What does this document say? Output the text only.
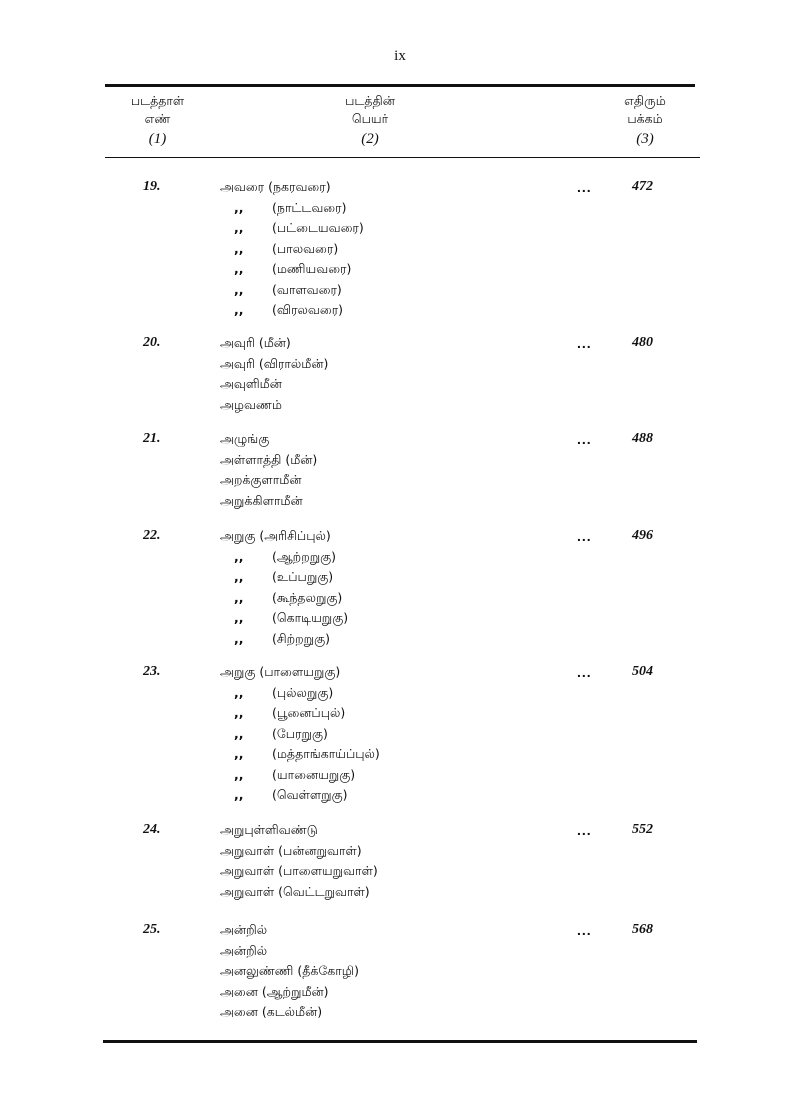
ix
படத்தாள்
எண்
(1)
படத்தின்
பெயர்
(2)
எதிரும்
பக்கம்
(3)
19.	அவரை (நகரவரை)
,, (நாட்டவரை)
,, (பட்டையவரை)
,, (பாலவரை)
,, (மணியவரை)
,, (வாளவரை)
,, (விரலவரை)
...	472
20.	அவுரி (மீன்)
அவுரி (விரால்மீன்)
அவுளிமீன்
அழவணம்
...	480
21.	அழுங்கு
அள்ளாத்தி (மீன்)
அறக்குளாமீன்
அறுக்கிளாமீன்
...	488
22.	அறுகு (அரிசிப்புல்)
,, (ஆற்றறுகு)
,, (உப்பறுகு)
,, (கூந்தலறுகு)
,, (கொடியறுகு)
,, (சிற்றறுகு)
...	496
23.	அறுகு (பாளையறுகு)
,, (புல்லறுகு)
,, (பூனைப்புல்)
,, (பேரறுகு)
,, (மத்தாங்காய்ப்புல்)
,, (யானையறுகு)
,, (வெள்ளறுகு)
...	504
24.	அறுபுள்ளிவண்டு
அறுவாள் (பன்னறுவாள்)
அறுவாள் (பாளையறுவாள்)
அறுவாள் (வெட்டறுவாள்)
...	552
25.	அன்றில்
அன்றில்
அனலுண்ணி (தீக்கோழி)
அனை (ஆற்றுமீன்)
அனை (கடல்மீன்)
...	568
